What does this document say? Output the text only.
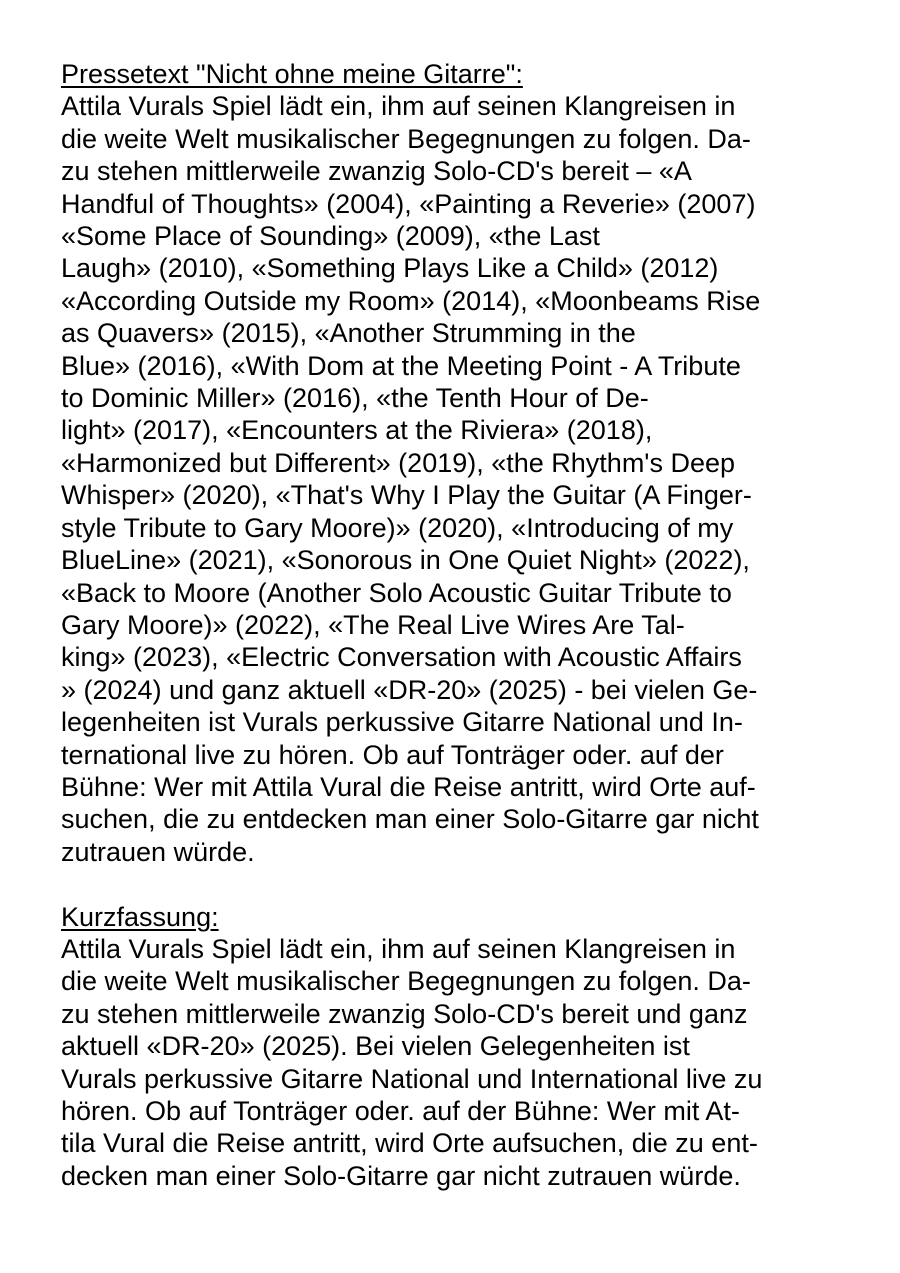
Pressetext "Nicht ohne meine Gitarre":
Attila Vurals Spiel lädt ein, ihm auf seinen Klangreisen in
die weite Welt musikalischer Begegnungen zu folgen. Da-
zu stehen mittlerweile zwanzig Solo-CD's bereit – «A
Handful of Thoughts» (2004), «Painting a Reverie» (2007)
«Some Place of Sounding» (2009), «the Last
Laugh» (2010), «Something Plays Like a Child» (2012)
«According Outside my Room» (2014), «Moonbeams Rise
as Quavers» (2015), «Another Strumming in the
Blue» (2016), «With Dom at the Meeting Point - A Tribute
to Dominic Miller» (2016), «the Tenth Hour of De-
light» (2017), «Encounters at the Riviera» (2018),
«Harmonized but Different» (2019), «the Rhythm's Deep
Whisper» (2020), «That's Why I Play the Guitar (A Finger-
style Tribute to Gary Moore)» (2020), «Introducing of my
BlueLine» (2021), «Sonorous in One Quiet Night» (2022),
«Back to Moore (Another Solo Acoustic Guitar Tribute to
Gary Moore)» (2022), «The Real Live Wires Are Tal-
king» (2023), «Electric Conversation with Acoustic Affairs
» (2024) und ganz aktuell «DR-20» (2025) - bei vielen Ge-
legenheiten ist Vurals perkussive Gitarre National und In-
ternational live zu hören. Ob auf Tonträger oder. auf der
Bühne: Wer mit Attila Vural die Reise antritt, wird Orte auf-
suchen, die zu entdecken man einer Solo-Gitarre gar nicht
zutrauen würde.
Kurzfassung:
Attila Vurals Spiel lädt ein, ihm auf seinen Klangreisen in
die weite Welt musikalischer Begegnungen zu folgen. Da-
zu stehen mittlerweile zwanzig Solo-CD's bereit und ganz
aktuell «DR-20» (2025). Bei vielen Gelegenheiten ist
Vurals perkussive Gitarre National und International live zu
hören. Ob auf Tonträger oder. auf der Bühne: Wer mit At-
tila Vural die Reise antritt, wird Orte aufsuchen, die zu ent-
decken man einer Solo-Gitarre gar nicht zutrauen würde.
